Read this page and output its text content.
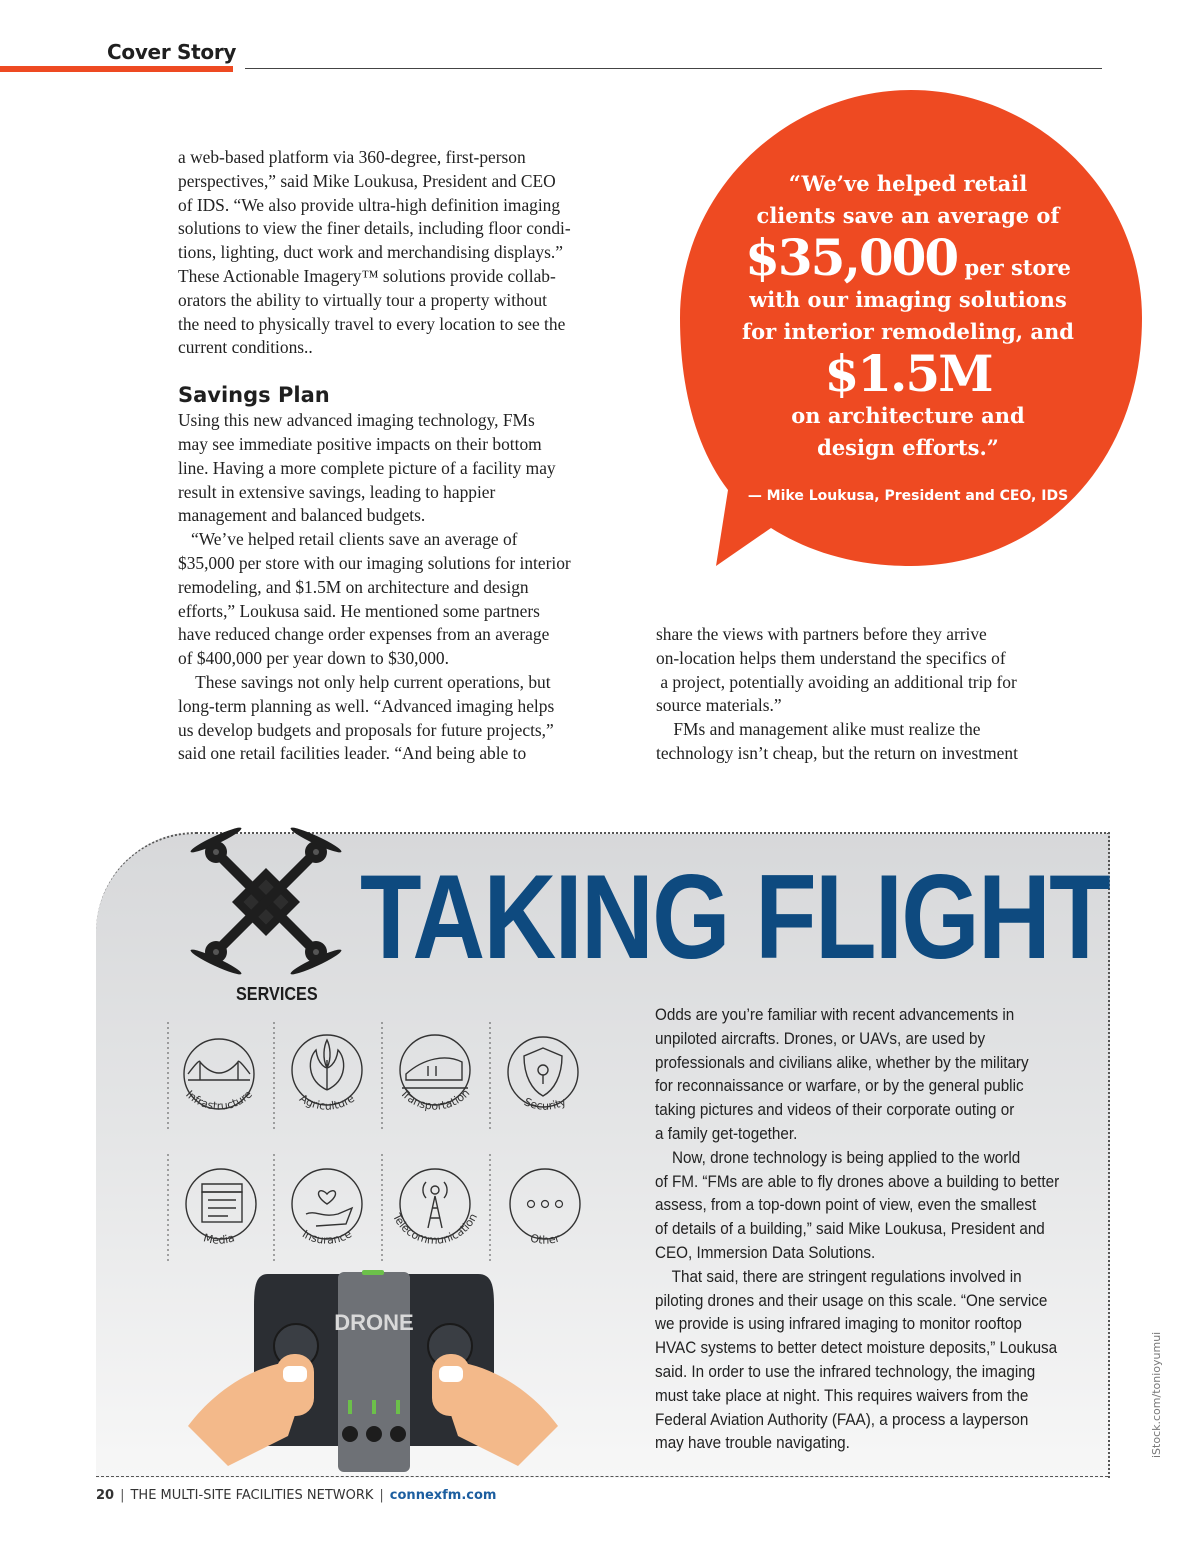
Cover Story

a web-based platform via 360-degree, first-person

perspectives,” said Mike Loukusa, President and CEO

of IDS. “We also provide ultra-high definition imaging

solutions to view the finer details, including floor condi-

tions, lighting, duct work and merchandising displays.”

These Actionable Imagery™ solutions provide collab-

orators the ability to virtually tour a property without

the need to physically travel to every location to see the

current conditions..

Savings Plan

Using this new advanced imaging technology, FMs

may see immediate positive impacts on their bottom

line. Having a more complete picture of a facility may

result in extensive savings, leading to happier

management and balanced budgets.

“We’ve helped retail clients save an average of

$35,000 per store with our imaging solutions for interior

remodeling, and $1.5M on architecture and design

efforts,” Loukusa said. He mentioned some partners

have reduced change order expenses from an average

of $400,000 per year down to $30,000.

These savings not only help current operations, but

long-term planning as well. “Advanced imaging helps

us develop budgets and proposals for future projects,”

said one retail facilities leader. “And being able to

“We’ve helped retail
clients save an average of
$35,000 per store
with our imaging solutions
for interior remodeling, and
$1.5M
on architecture and
design efforts.”
— Mike Loukusa, President and CEO, IDS

share the views with partners before they arrive

on-location helps them understand the specifics of

a project, potentially avoiding an additional trip for

source materials.”

FMs and management alike must realize the

technology isn’t cheap, but the return on investment

TAKING FLIGHT
SERVICES
Infrastructure	Agriculture	Transportation
Security
Media	Insurance
Telecommunication
Other
DRONE

Odds are you’re familiar with recent advancements in

unpiloted aircrafts. Drones, or UAVs, are used by

professionals and civilians alike, whether by the military

for reconnaissance or warfare, or by the general public

taking pictures and videos of their corporate outing or

a family get-together.

Now, drone technology is being applied to the world

of FM. “FMs are able to fly drones above a building to better

assess, from a top-down point of view, even the smallest

of details of a building,” said Mike Loukusa, President and

CEO, Immersion Data Solutions.

That said, there are stringent regulations involved in

piloting drones and their usage on this scale. “One service

we provide is using infrared imaging to monitor rooftop

HVAC systems to better detect moisture deposits,” Loukusa

said. In order to use the infrared technology, the imaging

must take place at night. This requires waivers from the

Federal Aviation Authority (FAA), a process a layperson

may have trouble navigating.	iStock.com/tonioyumui
20 | THE MULTI-SITE FACILITIES NETWORK | connexfm.com
